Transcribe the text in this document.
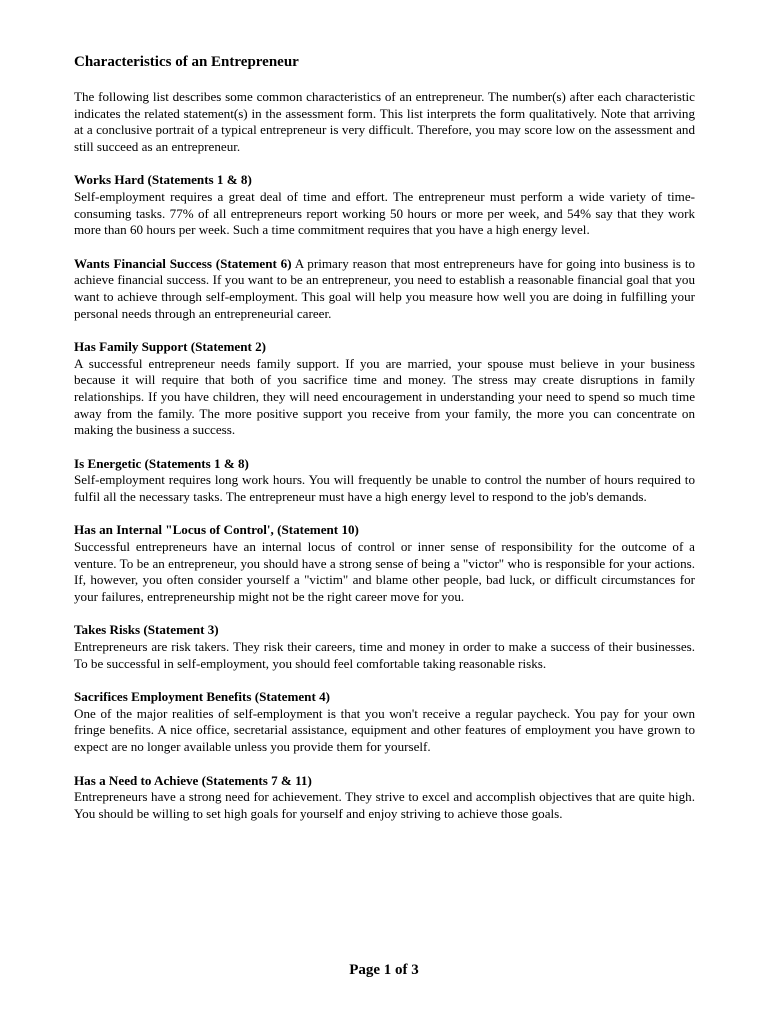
Characteristics of an Entrepreneur
The following list describes some common characteristics of an entrepreneur. The number(s) after each characteristic indicates the related statement(s) in the assessment form. This list interprets the form qualitatively. Note that arriving at a conclusive portrait of a typical entrepreneur is very difficult. Therefore, you may score low on the assessment and still succeed as an entrepreneur.
Works Hard (Statements 1 & 8)
Self-employment requires a great deal of time and effort. The entrepreneur must perform a wide variety of time-consuming tasks. 77% of all entrepreneurs report working 50 hours or more per week, and 54% say that they work more than 60 hours per week. Such a time commitment requires that you have a high energy level.
Wants Financial Success (Statement 6) A primary reason that most entrepreneurs have for going into business is to achieve financial success. If you want to be an entrepreneur, you need to establish a reasonable financial goal that you want to achieve through self-employment. This goal will help you measure how well you are doing in fulfilling your personal needs through an entrepreneurial career.
Has Family Support (Statement 2)
A successful entrepreneur needs family support. If you are married, your spouse must believe in your business because it will require that both of you sacrifice time and money. The stress may create disruptions in family relationships. If you have children, they will need encouragement in understanding your need to spend so much time away from the family. The more positive support you receive from your family, the more you can concentrate on making the business a success.
Is Energetic (Statements 1 & 8)
Self-employment requires long work hours. You will frequently be unable to control the number of hours required to fulfil all the necessary tasks. The entrepreneur must have a high energy level to respond to the job's demands.
Has an Internal "Locus of Control', (Statement 10)
Successful entrepreneurs have an internal locus of control or inner sense of responsibility for the outcome of a venture. To be an entrepreneur, you should have a strong sense of being a "victor" who is responsible for your actions. If, however, you often consider yourself a "victim" and blame other people, bad luck, or difficult circumstances for your failures, entrepreneurship might not be the right career move for you.
Takes Risks (Statement 3)
Entrepreneurs are risk takers. They risk their careers, time and money in order to make a success of their businesses. To be successful in self-employment, you should feel comfortable taking reasonable risks.
Sacrifices Employment Benefits (Statement 4)
One of the major realities of self-employment is that you won't receive a regular paycheck. You pay for your own fringe benefits. A nice office, secretarial assistance, equipment and other features of employment you have grown to expect are no longer available unless you provide them for yourself.
Has a Need to Achieve (Statements 7 & 11)
Entrepreneurs have a strong need for achievement. They strive to excel and accomplish objectives that are quite high. You should be willing to set high goals for yourself and enjoy striving to achieve those goals.
Page 1 of 3
